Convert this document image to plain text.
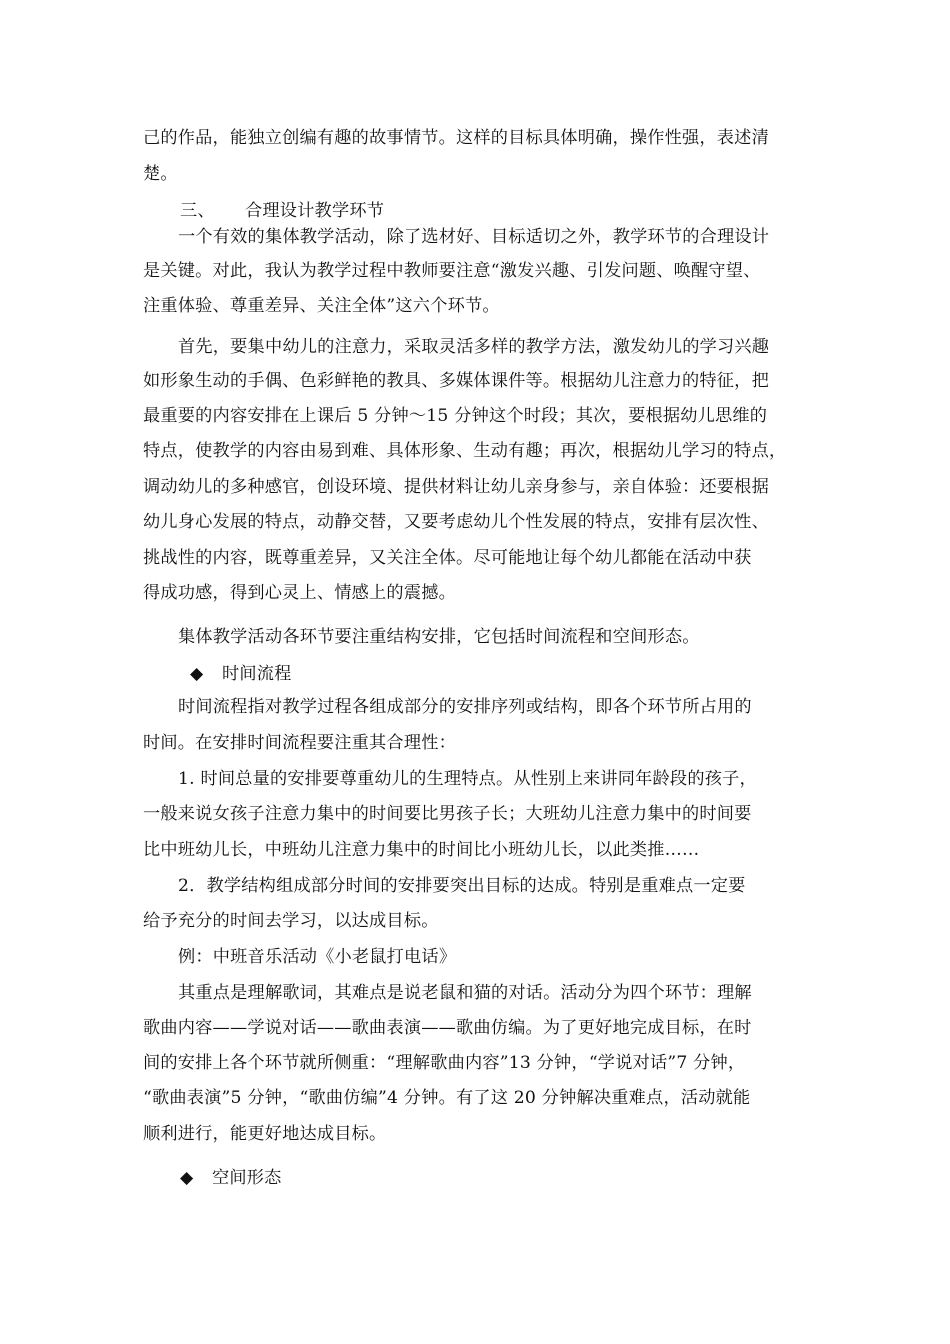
己的作品，能独立创编有趣的故事情节。这样的目标具体明确，操作性强，表述清
楚。
三、	合理设计教学环节
一个有效的集体教学活动，除了选材好、目标适切之外，教学环节的合理设计
是关键。对此，我认为教学过程中教师要注意“激发兴趣、引发问题、唤醒守望、
注重体验、尊重差异、关注全体”这六个环节。
首先，要集中幼儿的注意力，采取灵活多样的教学方法，激发幼儿的学习兴趣
如形象生动的手偶、色彩鲜艳的教具、多媒体课件等。根据幼儿注意力的特征，把
最重要的内容安排在上课后 5 分钟～15 分钟这个时段；其次，要根据幼儿思维的
特点，使教学的内容由易到难、具体形象、生动有趣；再次，根据幼儿学习的特点，
调动幼儿的多种感官，创设环境、提供材料让幼儿亲身参与，亲自体验：还要根据
幼儿身心发展的特点，动静交替，又要考虑幼儿个性发展的特点，安排有层次性、
挑战性的内容，既尊重差异，又关注全体。尽可能地让每个幼儿都能在活动中获
得成功感，得到心灵上、情感上的震撼。
集体教学活动各环节要注重结构安排，它包括时间流程和空间形态。
◆	时间流程
时间流程指对教学过程各组成部分的安排序列或结构，即各个环节所占用的
时间。在安排时间流程要注重其合理性：
1. 时间总量的安排要尊重幼儿的生理特点。从性别上来讲同年龄段的孩子，
一般来说女孩子注意力集中的时间要比男孩子长；大班幼儿注意力集中的时间要
比中班幼儿长，中班幼儿注意力集中的时间比小班幼儿长，以此类推……
2．教学结构组成部分时间的安排要突出目标的达成。特别是重难点一定要
给予充分的时间去学习，以达成目标。
例：中班音乐活动《小老鼠打电话》
其重点是理解歌词，其难点是说老鼠和猫的对话。活动分为四个环节：理解
歌曲内容——学说对话——歌曲表演——歌曲仿编。为了更好地完成目标，在时
间的安排上各个环节就所侧重：“理解歌曲内容”13 分钟，“学说对话”7 分钟，
“歌曲表演”5 分钟，“歌曲仿编”4 分钟。有了这 20 分钟解决重难点，活动就能
顺利进行，能更好地达成目标。
◆	空间形态
